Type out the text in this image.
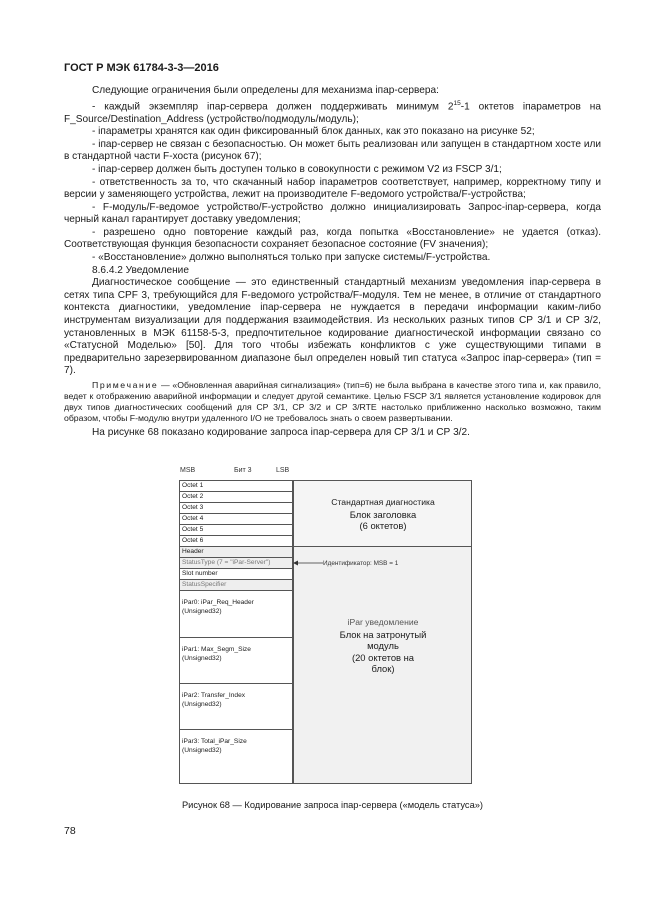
ГОСТ Р МЭК 61784-3-3—2016

Следующие ограничения были определены для механизма iпар-сервера:

- каждый экземпляр iпар-сервера должен поддерживать минимум $2^{15}-1$ октетов iпараметров на F_Source/Destination_Address (устройство/подмодуль/модуль);

- iпараметры хранятся как один фиксированный блок данных, как это показано на рисунке 52;

- iпар-сервер не связан с безопасностью. Он может быть реализован или запущен в стандартном хосте или в стандартной части F-хоста (рисунок 67);

- iпар-сервер должен быть доступен только в совокупности с режимом V2 из FSCP 3/1;

- ответственность за то, что скачанный набор iпараметров соответствует, например, корректному типу и версии у заменяющего устройства, лежит на производителе F-ведомого устройства/F-устройства;

- F-модуль/F-ведомое устройство/F-устройство должно инициализировать Запрос-iпар-сервера, когда черный канал гарантирует доставку уведомления;

- разрешено одно повторение каждый раз, когда попытка «Восстановление» не удается (отказ). Соответствующая функция безопасности сохраняет безопасное состояние (FV значения);

- «Восстановление» должно выполняться только при запуске системы/F-устройства.

8.6.4.2 Уведомление

Диагностическое сообщение — это единственный стандартный механизм уведомления iпар-сервера в сетях типа CPF 3, требующийся для F-ведомого устройства/F-модуля. Тем не менее, в отличие от стандартного контекста диагностики, уведомление iпар-сервера не нуждается в передачи информации каким-либо инструментам визуализации для поддержания взаимодействия. Из нескольких разных типов СР 3/1 и СР 3/2, установленных в МЭК 61158-5-3, предпочтительное кодирование диагностической информации связано со «Статусной Моделью» [50]. Для того чтобы избежать конфликтов с уже существующими типами в предварительно зарезервированном диапазоне был определен новый тип статуса «Запрос iпар-сервера» (тип = 7).

Примечание — «Обновленная аварийная сигнализация» (тип=6) не была выбрана в качестве этого типа и, как правило, ведет к отображению аварийной информации и следует другой семантике. Целью FSCP 3/1 является установление кодировок для двух типов диагностических сообщений для СР 3/1, СР 3/2 и СР 3/RTE настолько приближенно насколько возможно, таким образом, чтобы F-модулю внутри удаленного I/O не требовалось знать о своем развертывании.

На рисунке 68 показано кодирование запроса iпар-сервера для СР 3/1 и СР 3/2.

MSB	Бит 3	LSB
Octet 1
Octet 2
Octet 3
Octet 4
Octet 5
Octet 6
Header
StatusType (7 = "iPar-Server")
Slot number
StatusSpecifier
iPar0: iPar_Req_Header
(Unsigned32)
iPar1: Max_Segm_Size
(Unsigned32)
iPar2: Transfer_Index
(Unsigned32)
iPar3: Total_iPar_Size
(Unsigned32)
Идентификатор: MSB = 1
Стандартная диагностика
Блок заголовка
(6 октетов)
iPar уведомление
Блок на затронутый
модуль
(20 октетов на
блок)
Рисунок 68 — Кодирование запроса iпар-сервера («модель статуса»)
78
